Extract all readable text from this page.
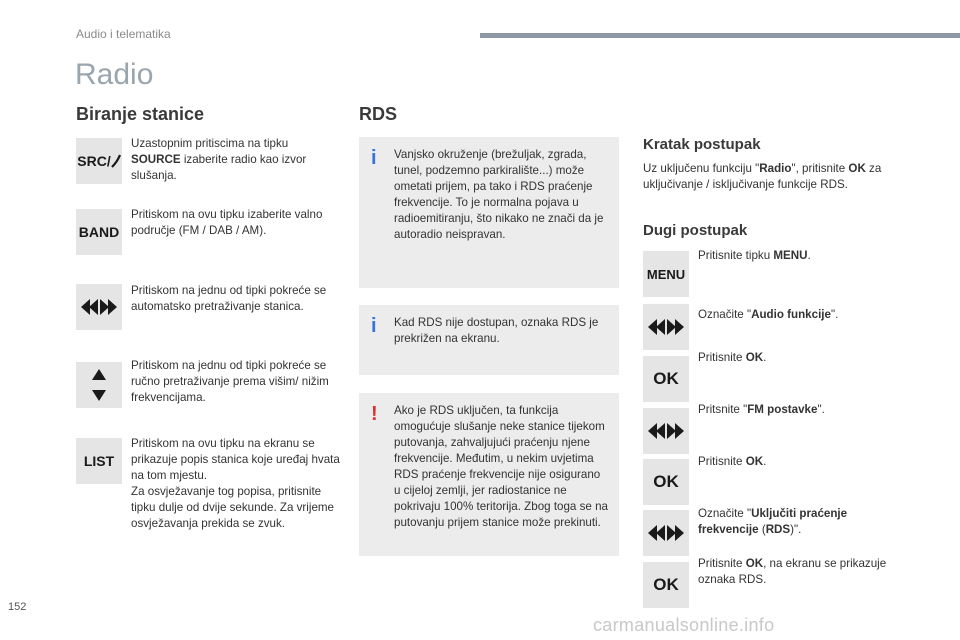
Audio i telematika
Radio
Biranje stanice
SRC/
Uzastopnim pritiscima na tipku SOURCE izaberite radio kao izvor slušanja.
BAND
Pritiskom na ovu tipku izaberite valno područje (FM / DAB / AM).
Pritiskom na jednu od tipki pokreće se automatsko pretraživanje stanica.
Pritiskom na jednu od tipki pokreće se ručno pretraživanje prema višim/ nižim frekvencijama.
LIST
Pritiskom na ovu tipku na ekranu se prikazuje popis stanica koje uređaj hvata na tom mjestu.
Za osvježavanje tog popisa, pritisnite tipku dulje od dvije sekunde. Za vrijeme osvježavanja prekida se zvuk.
RDS
i Vanjsko okruženje (brežuljak, zgrada, tunel, podzemno parkiralište...) može ometati prijem, pa tako i RDS praćenje frekvencije. To je normalna pojava u radioemitiranju, što nikako ne znači da je autoradio neispravan.
i Kad RDS nije dostupan, oznaka RDS je prekrižen na ekranu.
! Ako je RDS uključen, ta funkcija omogućuje slušanje neke stanice tijekom putovanja, zahvaljujući praćenju njene frekvencije. Međutim, u nekim uvjetima RDS praćenje frekvencije nije osigurano u cijeloj zemlji, jer radiostanice ne pokrivaju 100% teritorija. Zbog toga se na putovanju prijem stanice može prekinuti.
Kratak postupak
Uz uključenu funkciju "Radio", pritisnite OK za uključivanje / isključivanje funkcije RDS.
Dugi postupak
MENU
Pritisnite tipku MENU.
Označite "Audio funkcije".
OK
Pritisnite OK.
Pritsnite "FM postavke".
OK
Pritisnite OK.
Označite "Uključiti praćenje frekvencije (RDS)".
OK
Pritisnite OK, na ekranu se prikazuje oznaka RDS.
152
carmanualsonline.info
